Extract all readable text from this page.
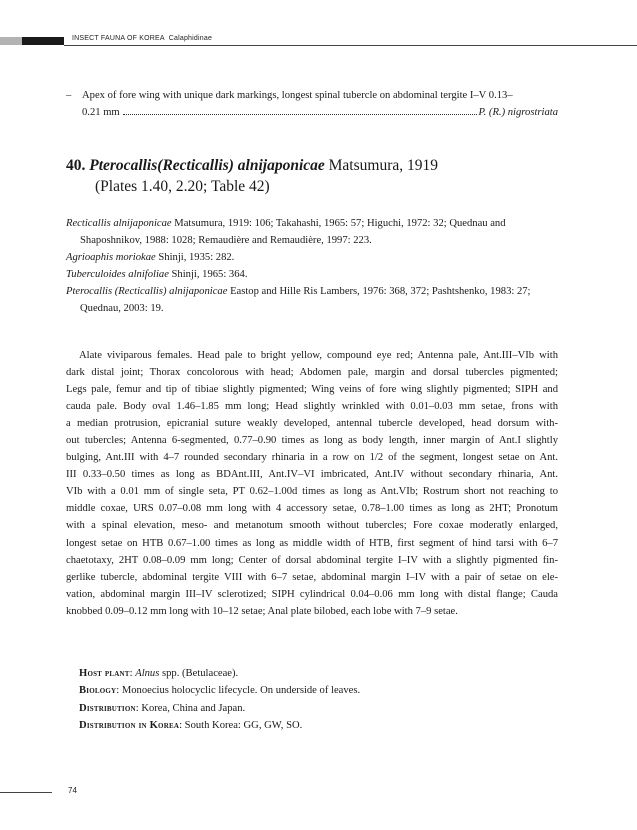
INSECT FAUNA OF KOREA Calaphidinae
–	Apex of fore wing with unique dark markings, longest spinal tubercle on abdominal tergite I–V 0.13–
0.21 mm	P. (R.) nigrostriata
40. Pterocallis(Recticallis) alnijaponicae Matsumura, 1919
(Plates 1.40, 2.20; Table 42)

Recticallis alnijaponicae Matsumura, 1919: 106; Takahashi, 1965: 57; Higuchi, 1972: 32; Quednau and Shaposhnikov, 1988: 1028; Remaudière and Remaudière, 1997: 223.

Agrioaphis moriokae Shinji, 1935: 282.

Tuberculoides alnifoliae Shinji, 1965: 364.

Pterocallis (Recticallis) alnijaponicae Eastop and Hille Ris Lambers, 1976: 368, 372; Pashtshenko, 1983: 27; Quednau, 2003: 19.

Alate viviparous females. Head pale to bright yellow, compound eye red; Antenna pale, Ant.III–VIb with
dark distal joint; Thorax concolorous with head; Abdomen pale, margin and dorsal tubercles pigmented;
Legs pale, femur and tip of tibiae slightly pigmented; Wing veins of fore wing slightly pigmented; SIPH and
cauda pale. Body oval 1.46–1.85 mm long; Head slightly wrinkled with 0.01–0.03 mm setae, frons with
a median protrusion, epicranial suture weakly developed, antennal tubercle developed, head dorsum with-
out tubercles; Antenna 6-segmented, 0.77–0.90 times as long as body length, inner margin of Ant.I slightly
bulging, Ant.III with 4–7 rounded secondary rhinaria in a row on 1/2 of the segment, longest setae on Ant.
III 0.33–0.50 times as long as BDAnt.III, Ant.IV–VI imbricated, Ant.IV without secondary rhinaria, Ant.
VIb with a 0.01 mm of single seta, PT 0.62–1.00d times as long as Ant.VIb; Rostrum short not reaching to
middle coxae, URS 0.07–0.08 mm long with 4 accessory setae, 0.78–1.00 times as long as 2HT; Pronotum
with a spinal elevation, meso- and metanotum smooth without tubercles; Fore coxae moderatly enlarged,
longest setae on HTB 0.67–1.00 times as long as middle width of HTB, first segment of hind tarsi with 6–7
chaetotaxy, 2HT 0.08–0.09 mm long; Center of dorsal abdominal tergite I–IV with a slightly pigmented fin-
gerlike tubercle, abdominal tergite VIII with 6–7 setae, abdominal margin I–IV with a pair of setae on ele-
vation, abdominal margin III–IV sclerotized; SIPH cylindrical 0.04–0.06 mm long with distal flange; Cauda
knobbed 0.09–0.12 mm long with 10–12 setae; Anal plate bilobed, each lobe with 7–9 setae.
Host plant: Alnus spp. (Betulaceae).
Biology: Monoecius holocyclic lifecycle. On underside of leaves.
Distribution: Korea, China and Japan.
Distribution in Korea: South Korea: GG, GW, SO.
74
